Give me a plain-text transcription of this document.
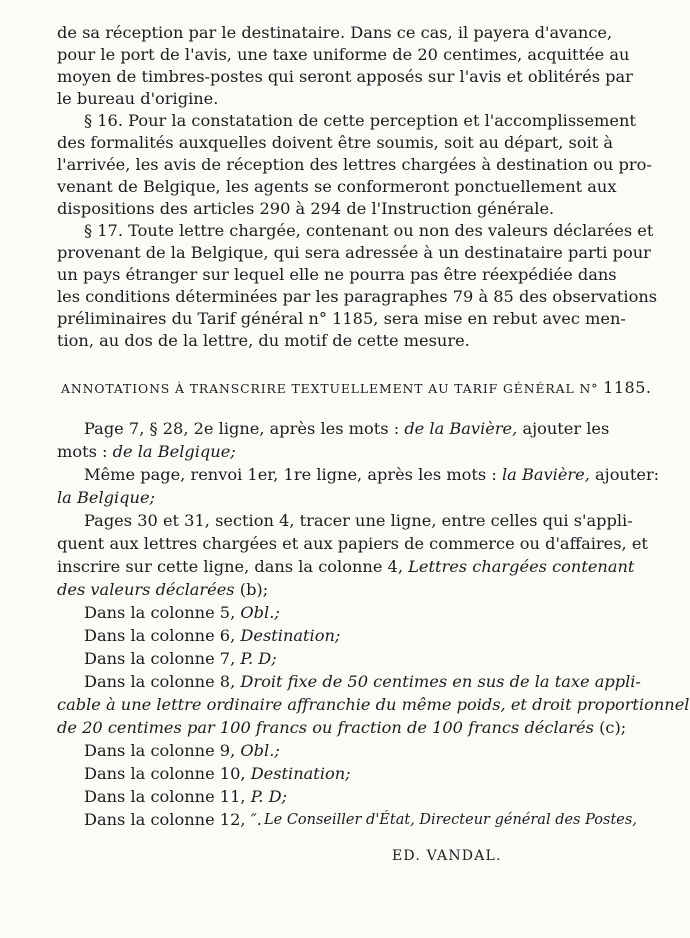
de sa réception par le destinataire. Dans ce cas, il payera d'avance,
pour le port de l'avis, une taxe uniforme de 20 centimes, acquittée au
moyen de timbres-postes qui seront apposés sur l'avis et oblitérés par
le bureau d'origine.

§ 16. Pour la constatation de cette perception et l'accomplissement
des formalités auxquelles doivent être soumis, soit au départ, soit à
l'arrivée, les avis de réception des lettres chargées à destination ou pro-
venant de Belgique, les agents se conformeront ponctuellement aux
dispositions des articles 290 à 294 de l'Instruction générale.

§ 17. Toute lettre chargée, contenant ou non des valeurs déclarées et
provenant de la Belgique, qui sera adressée à un destinataire parti pour
un pays étranger sur lequel elle ne pourra pas être réexpédiée dans
les conditions déterminées par les paragraphes 79 à 85 des observations
préliminaires du Tarif général n° 1185, sera mise en rebut avec men-
tion, au dos de la lettre, du motif de cette mesure.

ANNOTATIONS À TRANSCRIRE TEXTUELLEMENT AU TARIF GÉNÉRAL N° 1185.
Page 7, § 28, 2e ligne, après les mots : de la Bavière, ajouter les
mots : de la Belgique;
Même page, renvoi 1er, 1re ligne, après les mots : la Bavière, ajouter:
la Belgique;
Pages 30 et 31, section 4, tracer une ligne, entre celles qui s'appli-
quent aux lettres chargées et aux papiers de commerce ou d'affaires, et
inscrire sur cette ligne, dans la colonne 4, Lettres chargées contenant
des valeurs déclarées (b);
Dans la colonne 5, Obl.;
Dans la colonne 6, Destination;
Dans la colonne 7, P. D;
Dans la colonne 8, Droit fixe de 50 centimes en sus de la taxe appli-
cable à une lettre ordinaire affranchie du même poids, et droit proportionnel
de 20 centimes par 100 francs ou fraction de 100 francs déclarés (c);
Dans la colonne 9, Obl.;
Dans la colonne 10, Destination;
Dans la colonne 11, P. D;
Dans la colonne 12, ″. Le Conseiller d'État, Directeur général des Postes,
ED. VANDAL.
